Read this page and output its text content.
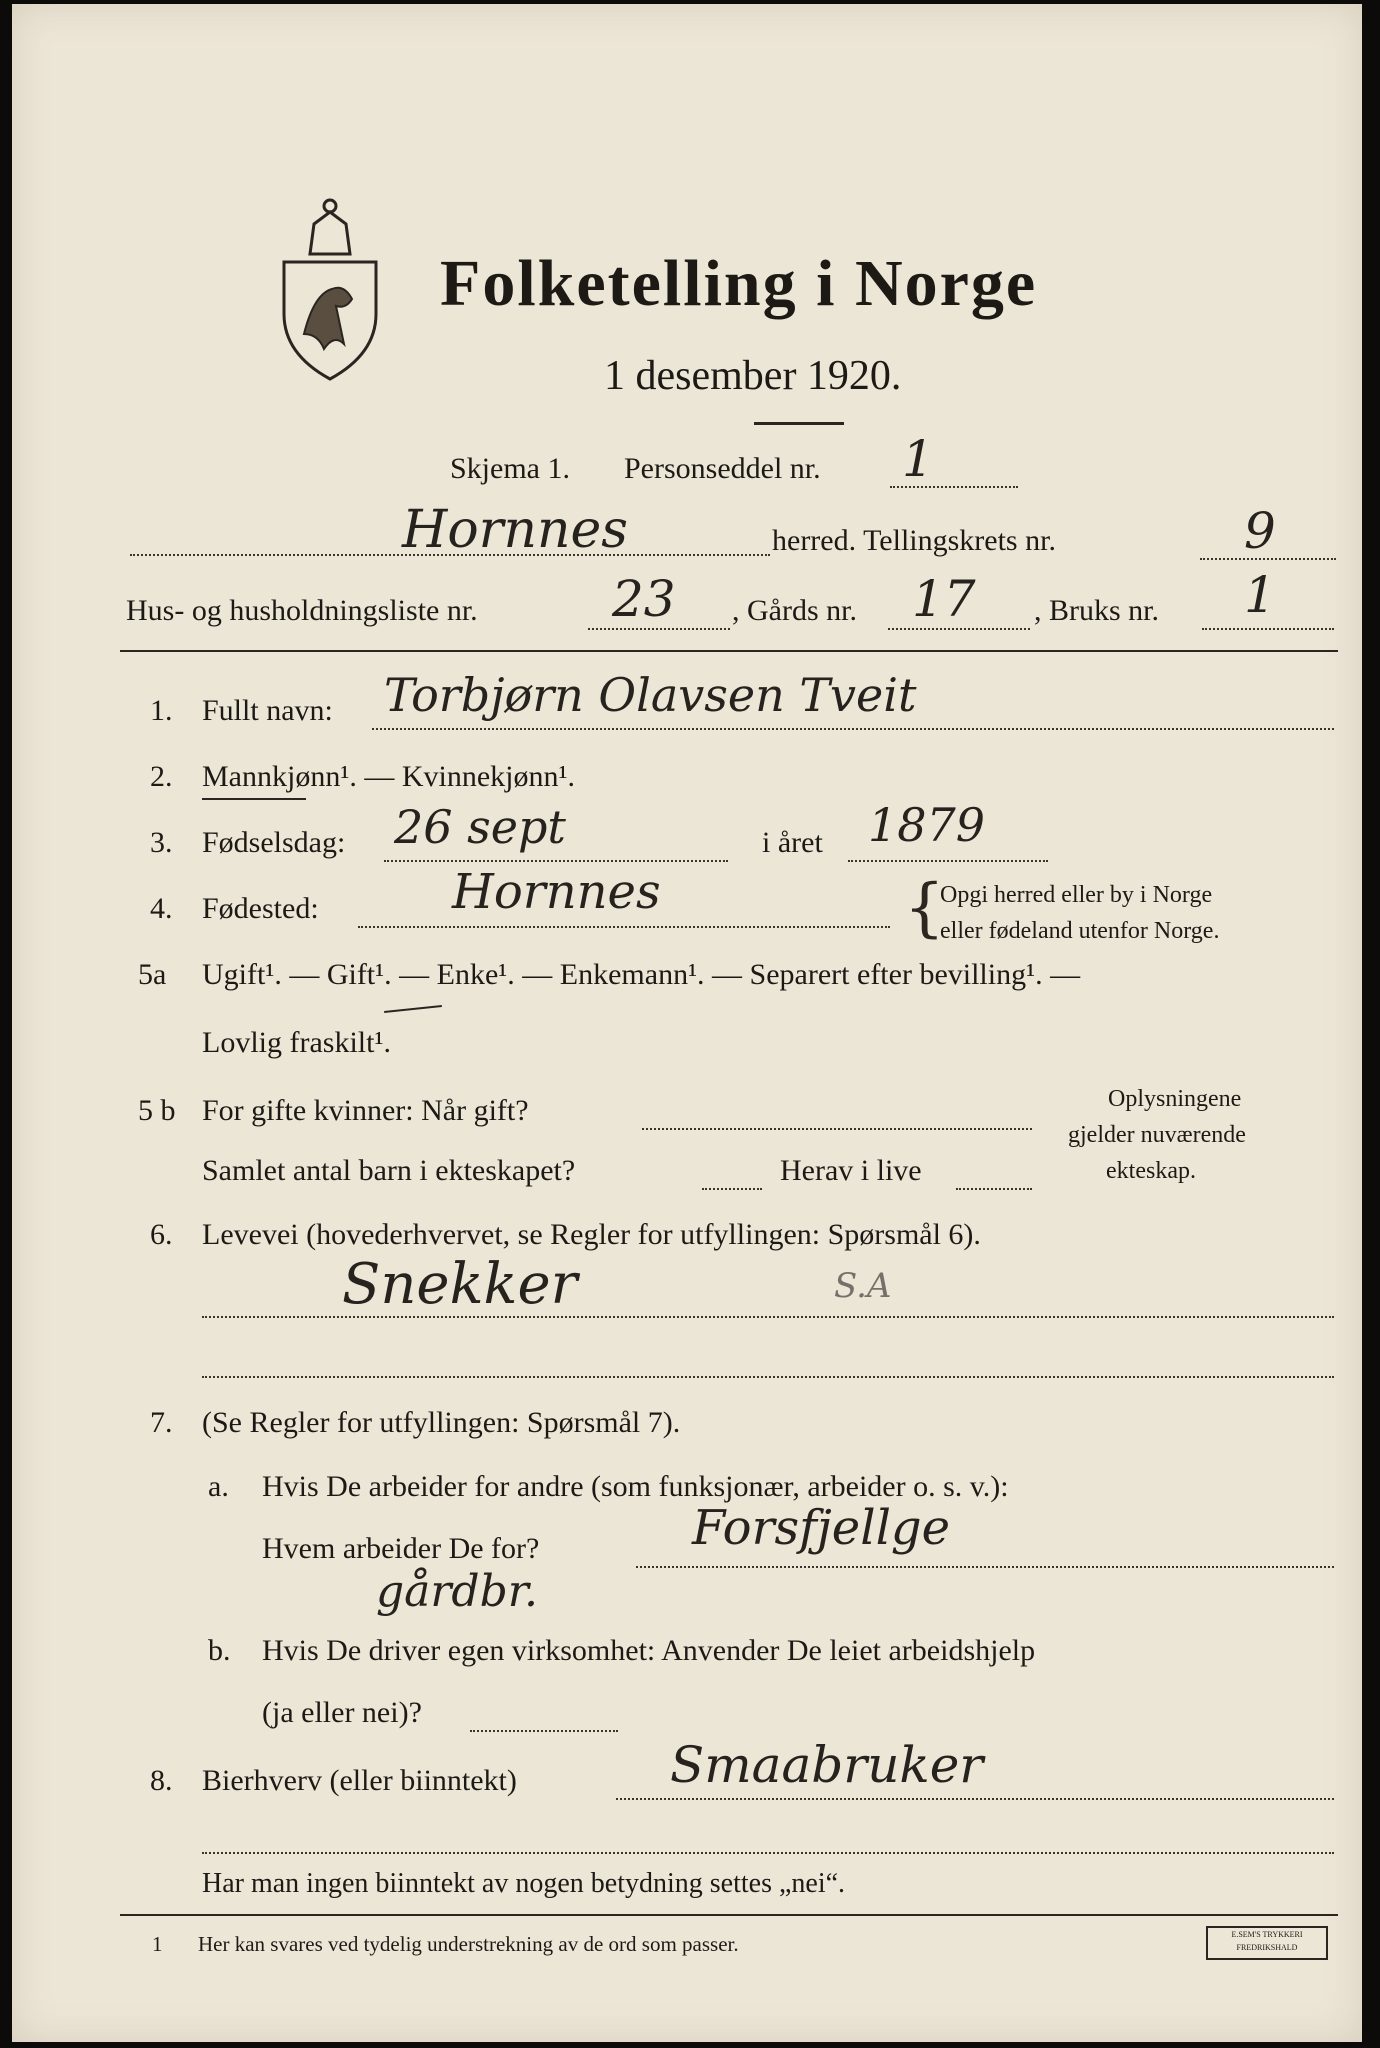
Folketelling i Norge
1 desember 1920.
Skjema 1. Personseddel nr. 1
Hornnes	herred. Tellingskrets nr.	9
Hus- og husholdningsliste nr.	23 , Gårds nr. 17 , Bruks nr. 1
1. Fullt navn: Torbjørn Olavsen Tveit
2. Mannkjønn¹. — Kvinnekjønn¹.
3. Fødselsdag: 26 sept	i året 1879
4. Fødested:	Hornnes	{
Opgi herred eller by i Norge
eller fødeland utenfor Norge.
5a Ugift¹. — Gift¹. — Enke¹. — Enkemann¹. — Separert efter bevilling¹. —
Lovlig fraskilt¹.
5 b For gifte kvinner: Når gift?
Samlet antal barn i ekteskapet?	Herav i live
Oplysningene
gjelder nuværende
ekteskap.
6. Levevei (hovederhvervet, se Regler for utfyllingen: Spørsmål 6).
Snekker	S.A
7. (Se Regler for utfyllingen: Spørsmål 7).
a. Hvis De arbeider for andre (som funksjonær, arbeider o. s. v.):
Hvem arbeider De for?	Forsfjellge
gårdbr.
b. Hvis De driver egen virksomhet: Anvender De leiet arbeidshjelp
(ja eller nei)?
8. Bierhverv (eller biinntekt)	Smaabruker
Har man ingen biinntekt av nogen betydning settes „nei“.
1 Her kan svares ved tydelig understrekning av de ord som passer.	E.SEM'S TRYKKERI FREDRIKSHALD
